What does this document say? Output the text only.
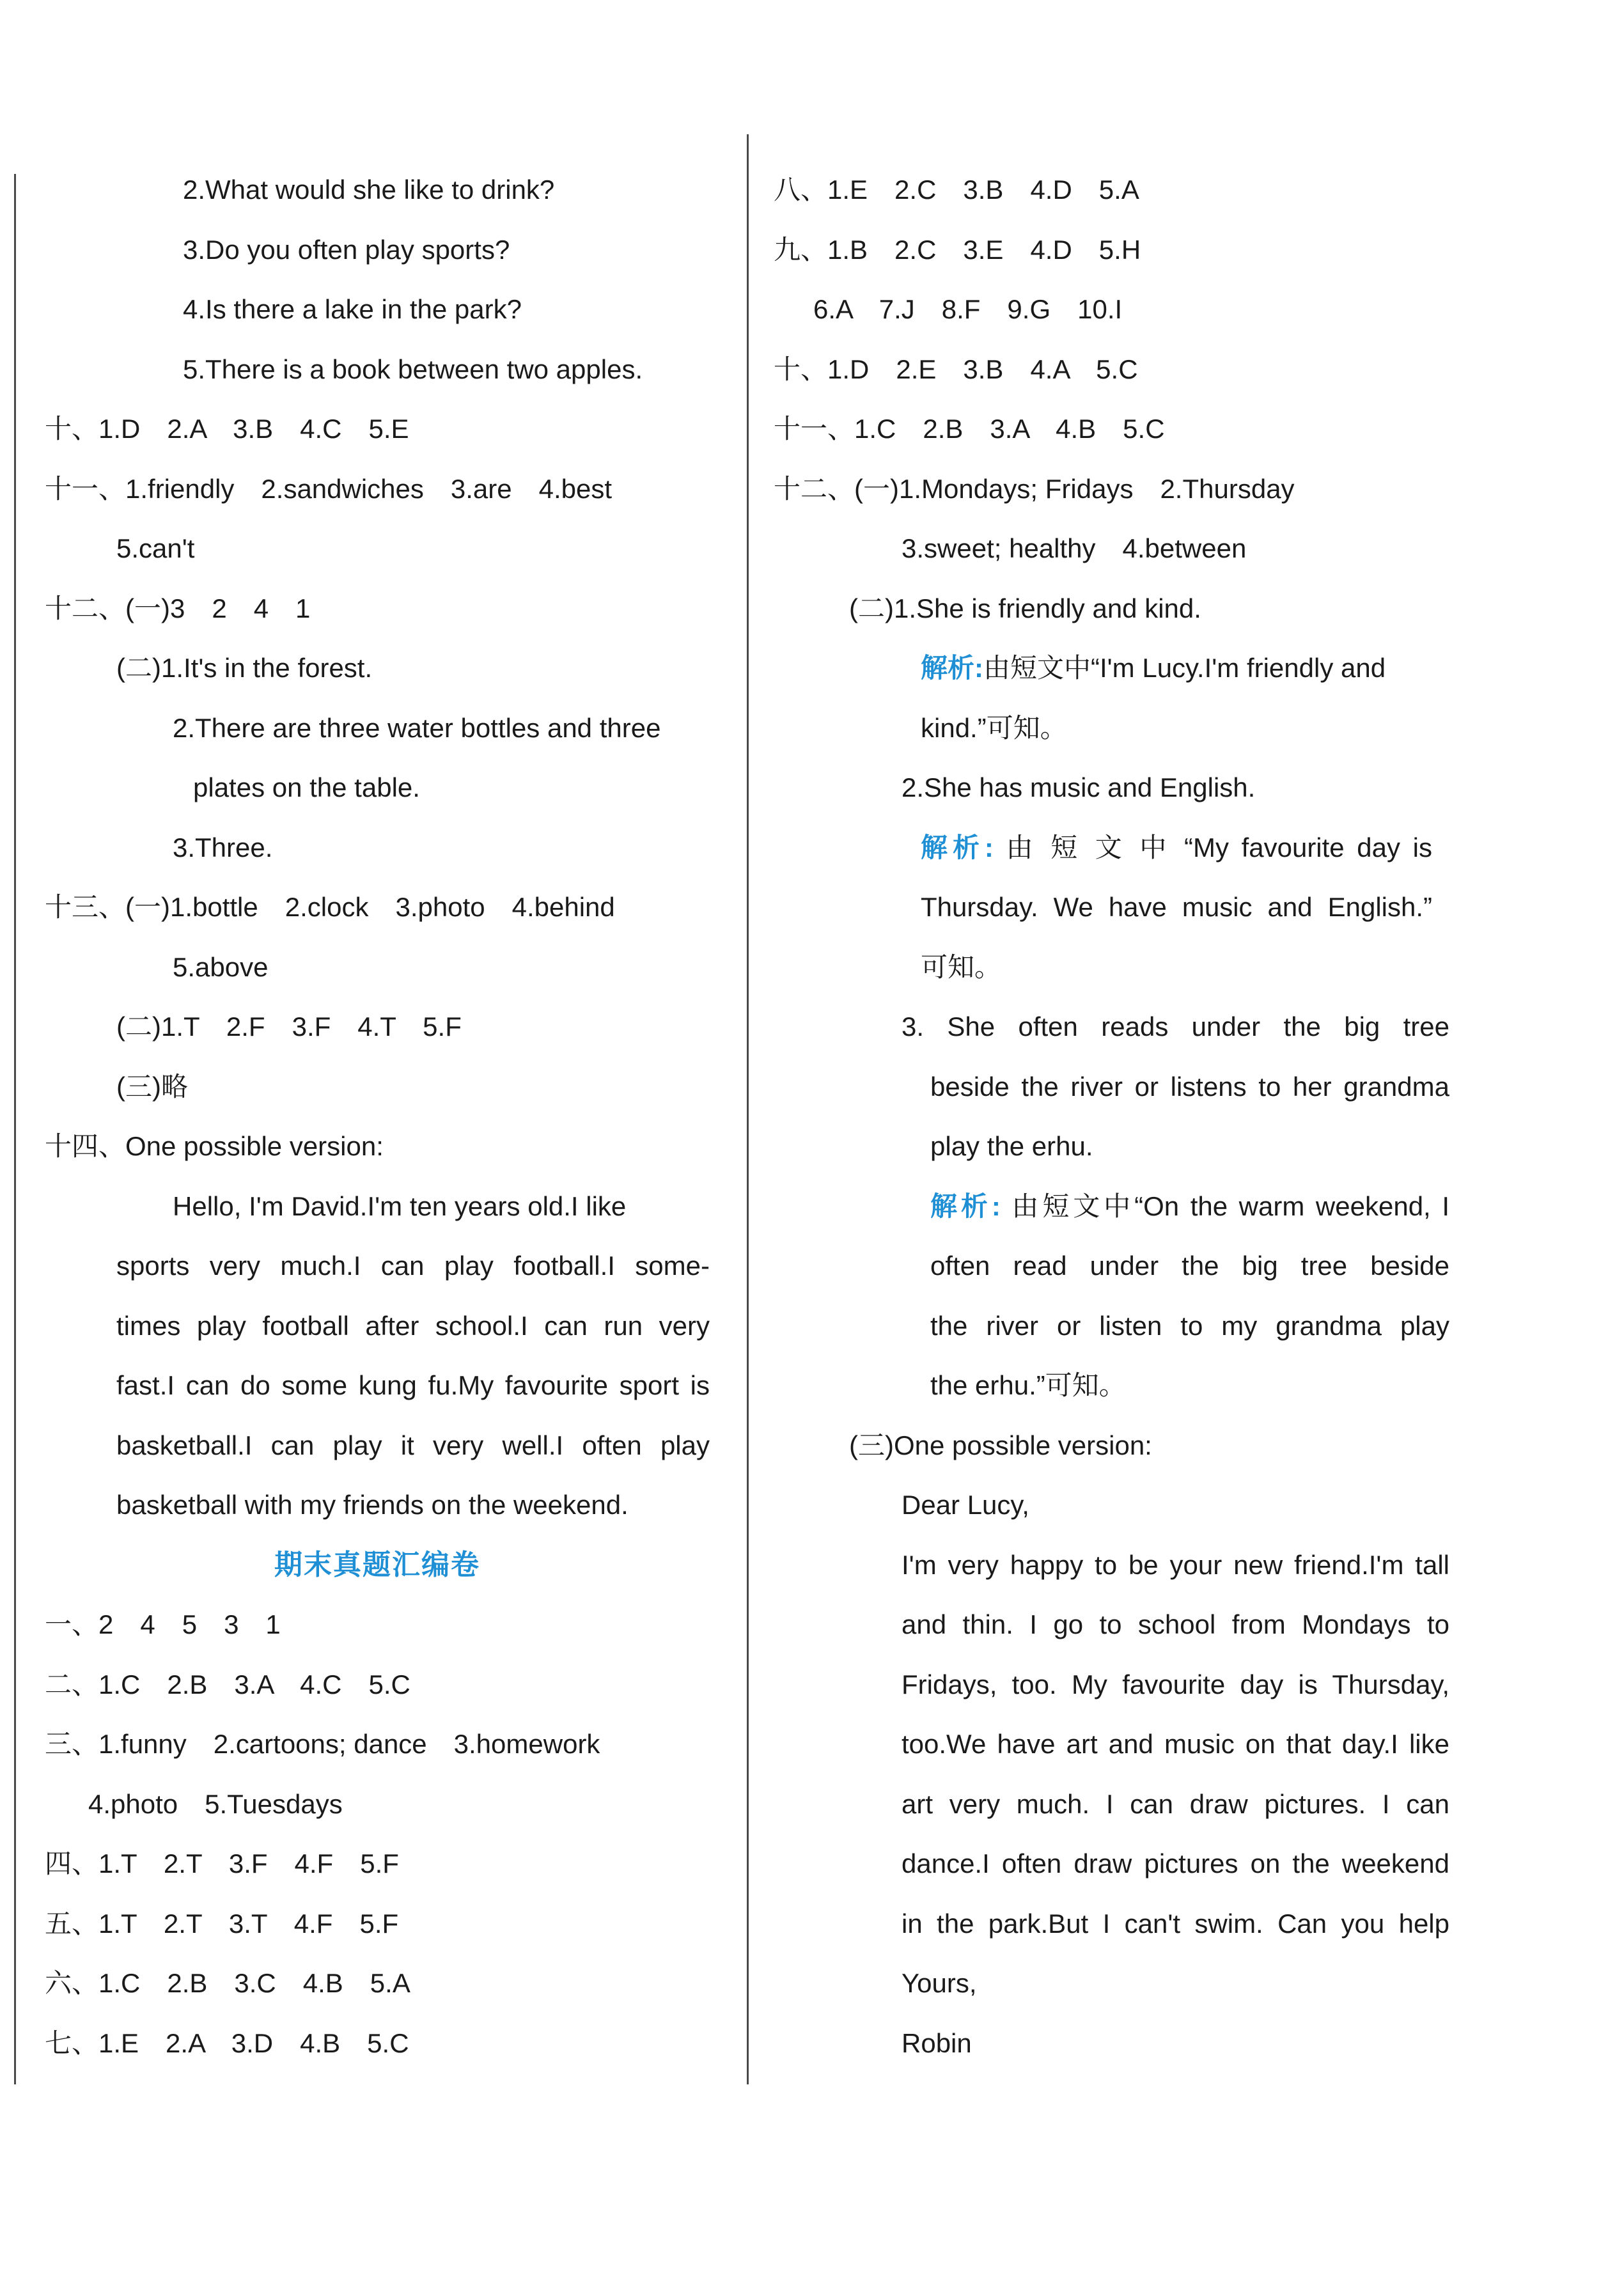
2.What would she like to drink?
3.Do you often play sports?
4.Is there a lake in the park?
5.There is a book between two apples.
十、1.D　2.A　3.B　4.C　5.E
十一、1.friendly　2.sandwiches　3.are　4.best
5.can't
十二、(一)3　2　4　1
(二)1.It's in the forest.
2.There are three water bottles and three
plates on the table.
3.Three.
十三、(一)1.bottle　2.clock　3.photo　4.behind
5.above
(二)1.T　2.F　3.F　4.T　5.F
(三)略
十四、One possible version:
Hello, I'm David.I'm ten years old.I like
sports very much.I can play football.I some-
times play football after school.I can run very
fast.I can do some kung fu.My favourite sport is
basketball.I can play it very well.I often play
basketball with my friends on the weekend.
期末真题汇编卷
一、2　4　5　3　1
二、1.C　2.B　3.A　4.C　5.C
三、1.funny　2.cartoons; dance　3.homework
4.photo　5.Tuesdays
四、1.T　2.T　3.F　4.F　5.F
五、1.T　2.T　3.T　4.F　5.F
六、1.C　2.B　3.C　4.B　5.A
七、1.E　2.A　3.D　4.B　5.C
八、1.E　2.C　3.B　4.D　5.A
九、1.B　2.C　3.E　4.D　5.H
6.A　7.J　8.F　9.G　10.I
十、1.D　2.E　3.B　4.A　5.C
十一、1.C　2.B　3.A　4.B　5.C
十二、(一)1.Mondays; Fridays　2.Thursday
3.sweet; healthy　4.between
(二)1.She is friendly and kind.
解析:由短文中“I'm Lucy.I'm friendly and
kind.”可知。
2.She has music and English.
解析: 由 短 文 中 “My favourite day is
Thursday. We have music and English.”
可知。
3. She often reads under the big tree
beside the river or listens to her grandma
play the erhu.
解析: 由短文中“On the warm weekend, I
often read under the big tree beside
the river or listen to my grandma play
the erhu.”可知。
(三)One possible version:
Dear Lucy,
I'm very happy to be your new friend.I'm tall
and thin. I go to school from Mondays to
Fridays, too. My favourite day is Thursday,
too.We have art and music on that day.I like
art very much. I can draw pictures. I can
dance.I often draw pictures on the weekend
in the park.But I can't swim. Can you help
Yours,
Robin
